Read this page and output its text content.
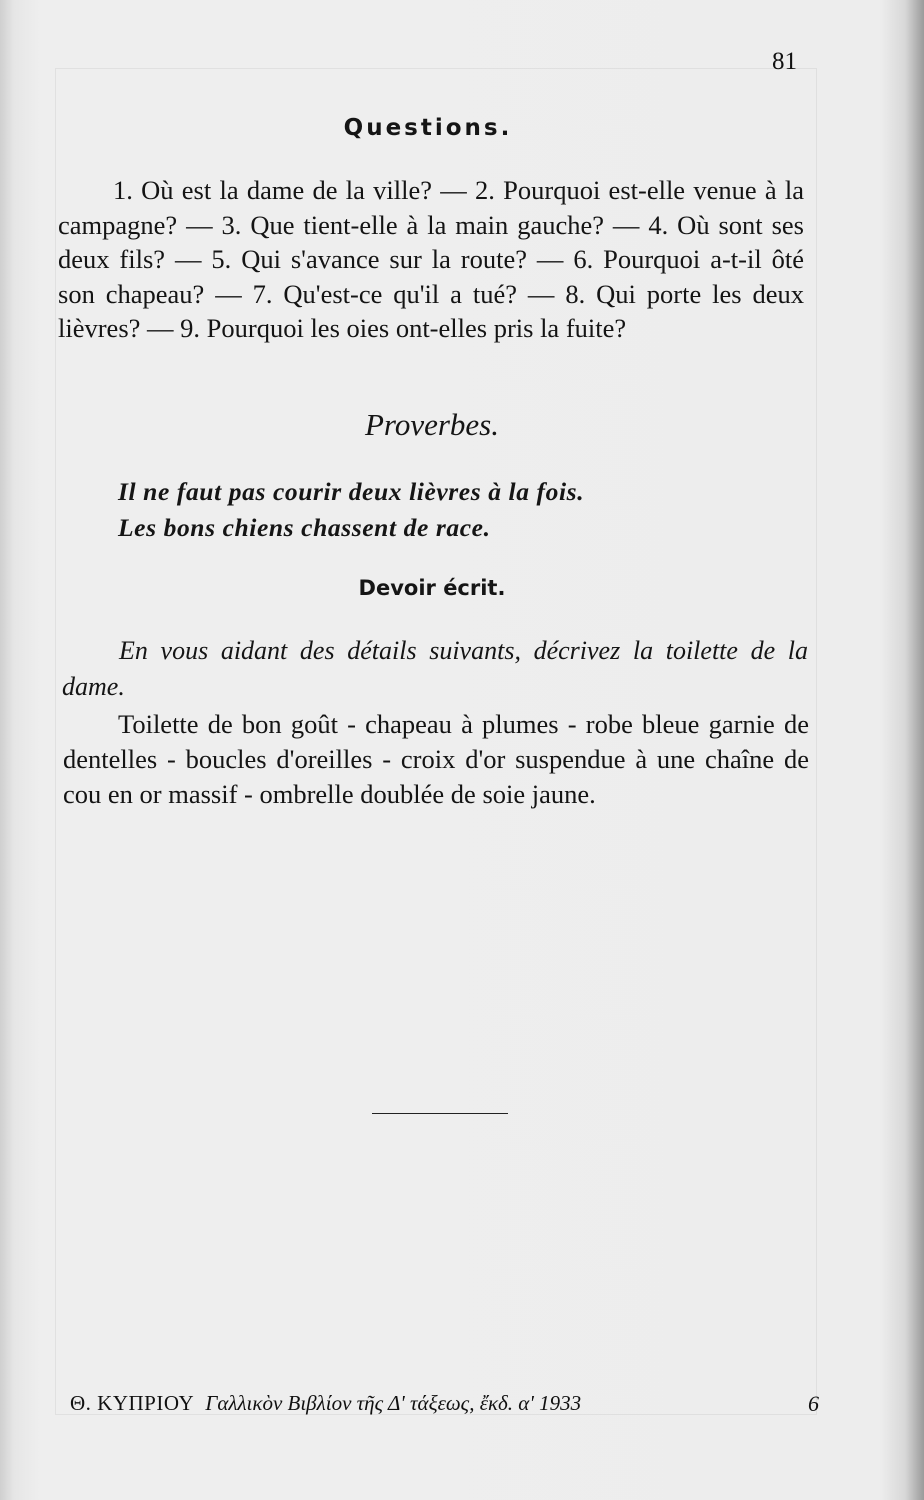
81
Questions.
1. Où est la dame de la ville? — 2. Pourquoi est-elle venue à la campagne? — 3. Que tient-elle à la main gauche? — 4. Où sont ses deux fils? — 5. Qui s'avance sur la route? — 6. Pourquoi a-t-il ôté son chapeau? — 7. Qu'est-ce qu'il a tué? — 8. Qui porte les deux lièvres? — 9. Pourquoi les oies ont-elles pris la fuite?
Proverbes.
Il ne faut pas courir deux lièvres à la fois.
Les bons chiens chassent de race.
Devoir écrit.
En vous aidant des détails suivants, décrivez la toilette de la dame.
Toilette de bon goût - chapeau à plumes - robe bleue garnie de dentelles - boucles d'oreilles - croix d'or suspendue à une chaîne de cou en or massif - ombrelle doublée de soie jaune.
Θ. ΚΥΠΡΙΟΥ Γαλλικὸν Βιβλίον τῆς Δ' τάξεως, ἔκδ. α' 1933	6
